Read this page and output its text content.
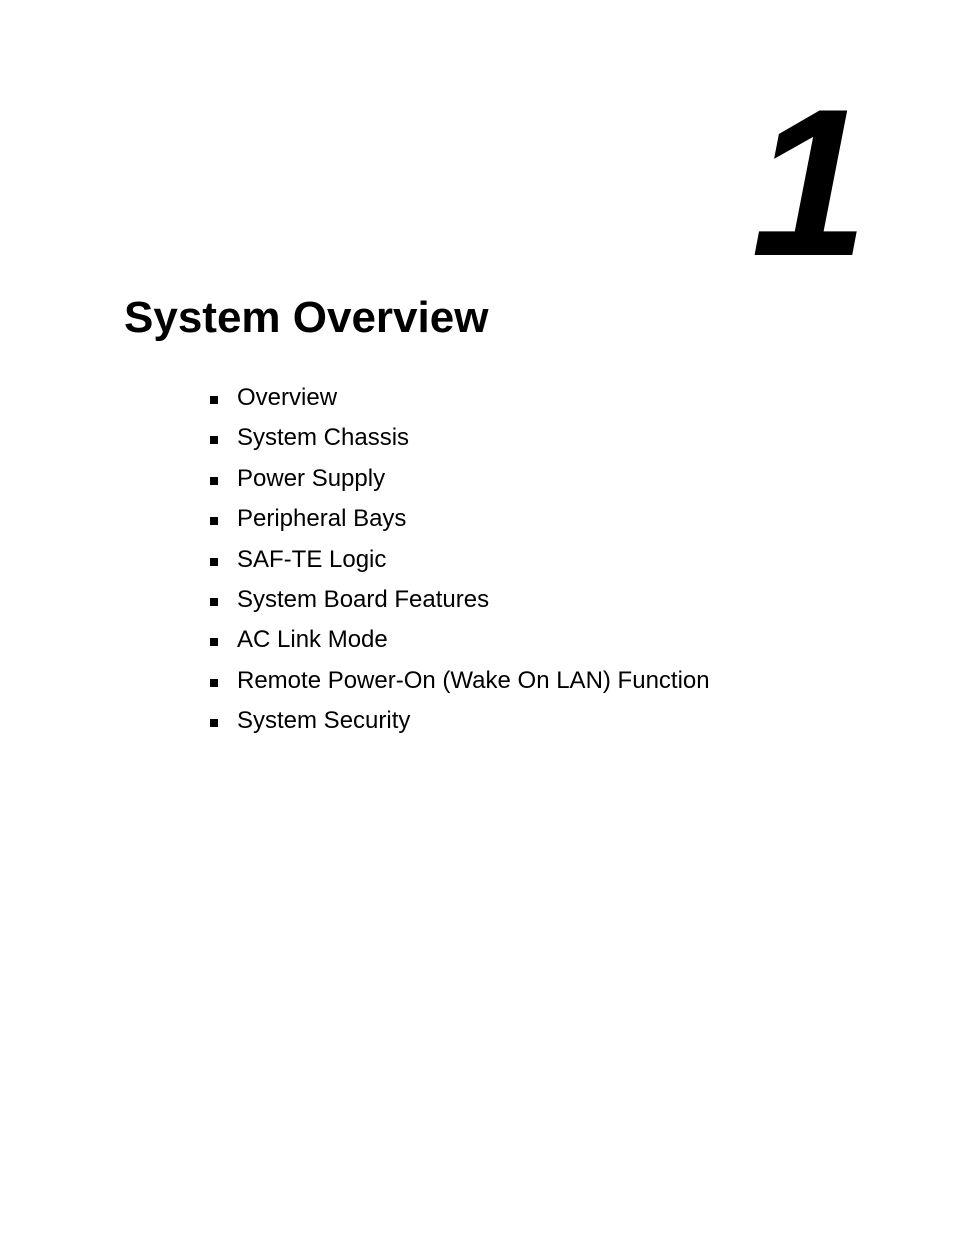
1
System Overview
Overview
System Chassis
Power Supply
Peripheral Bays
SAF-TE Logic
System Board Features
AC Link Mode
Remote Power-On (Wake On LAN) Function
System Security
